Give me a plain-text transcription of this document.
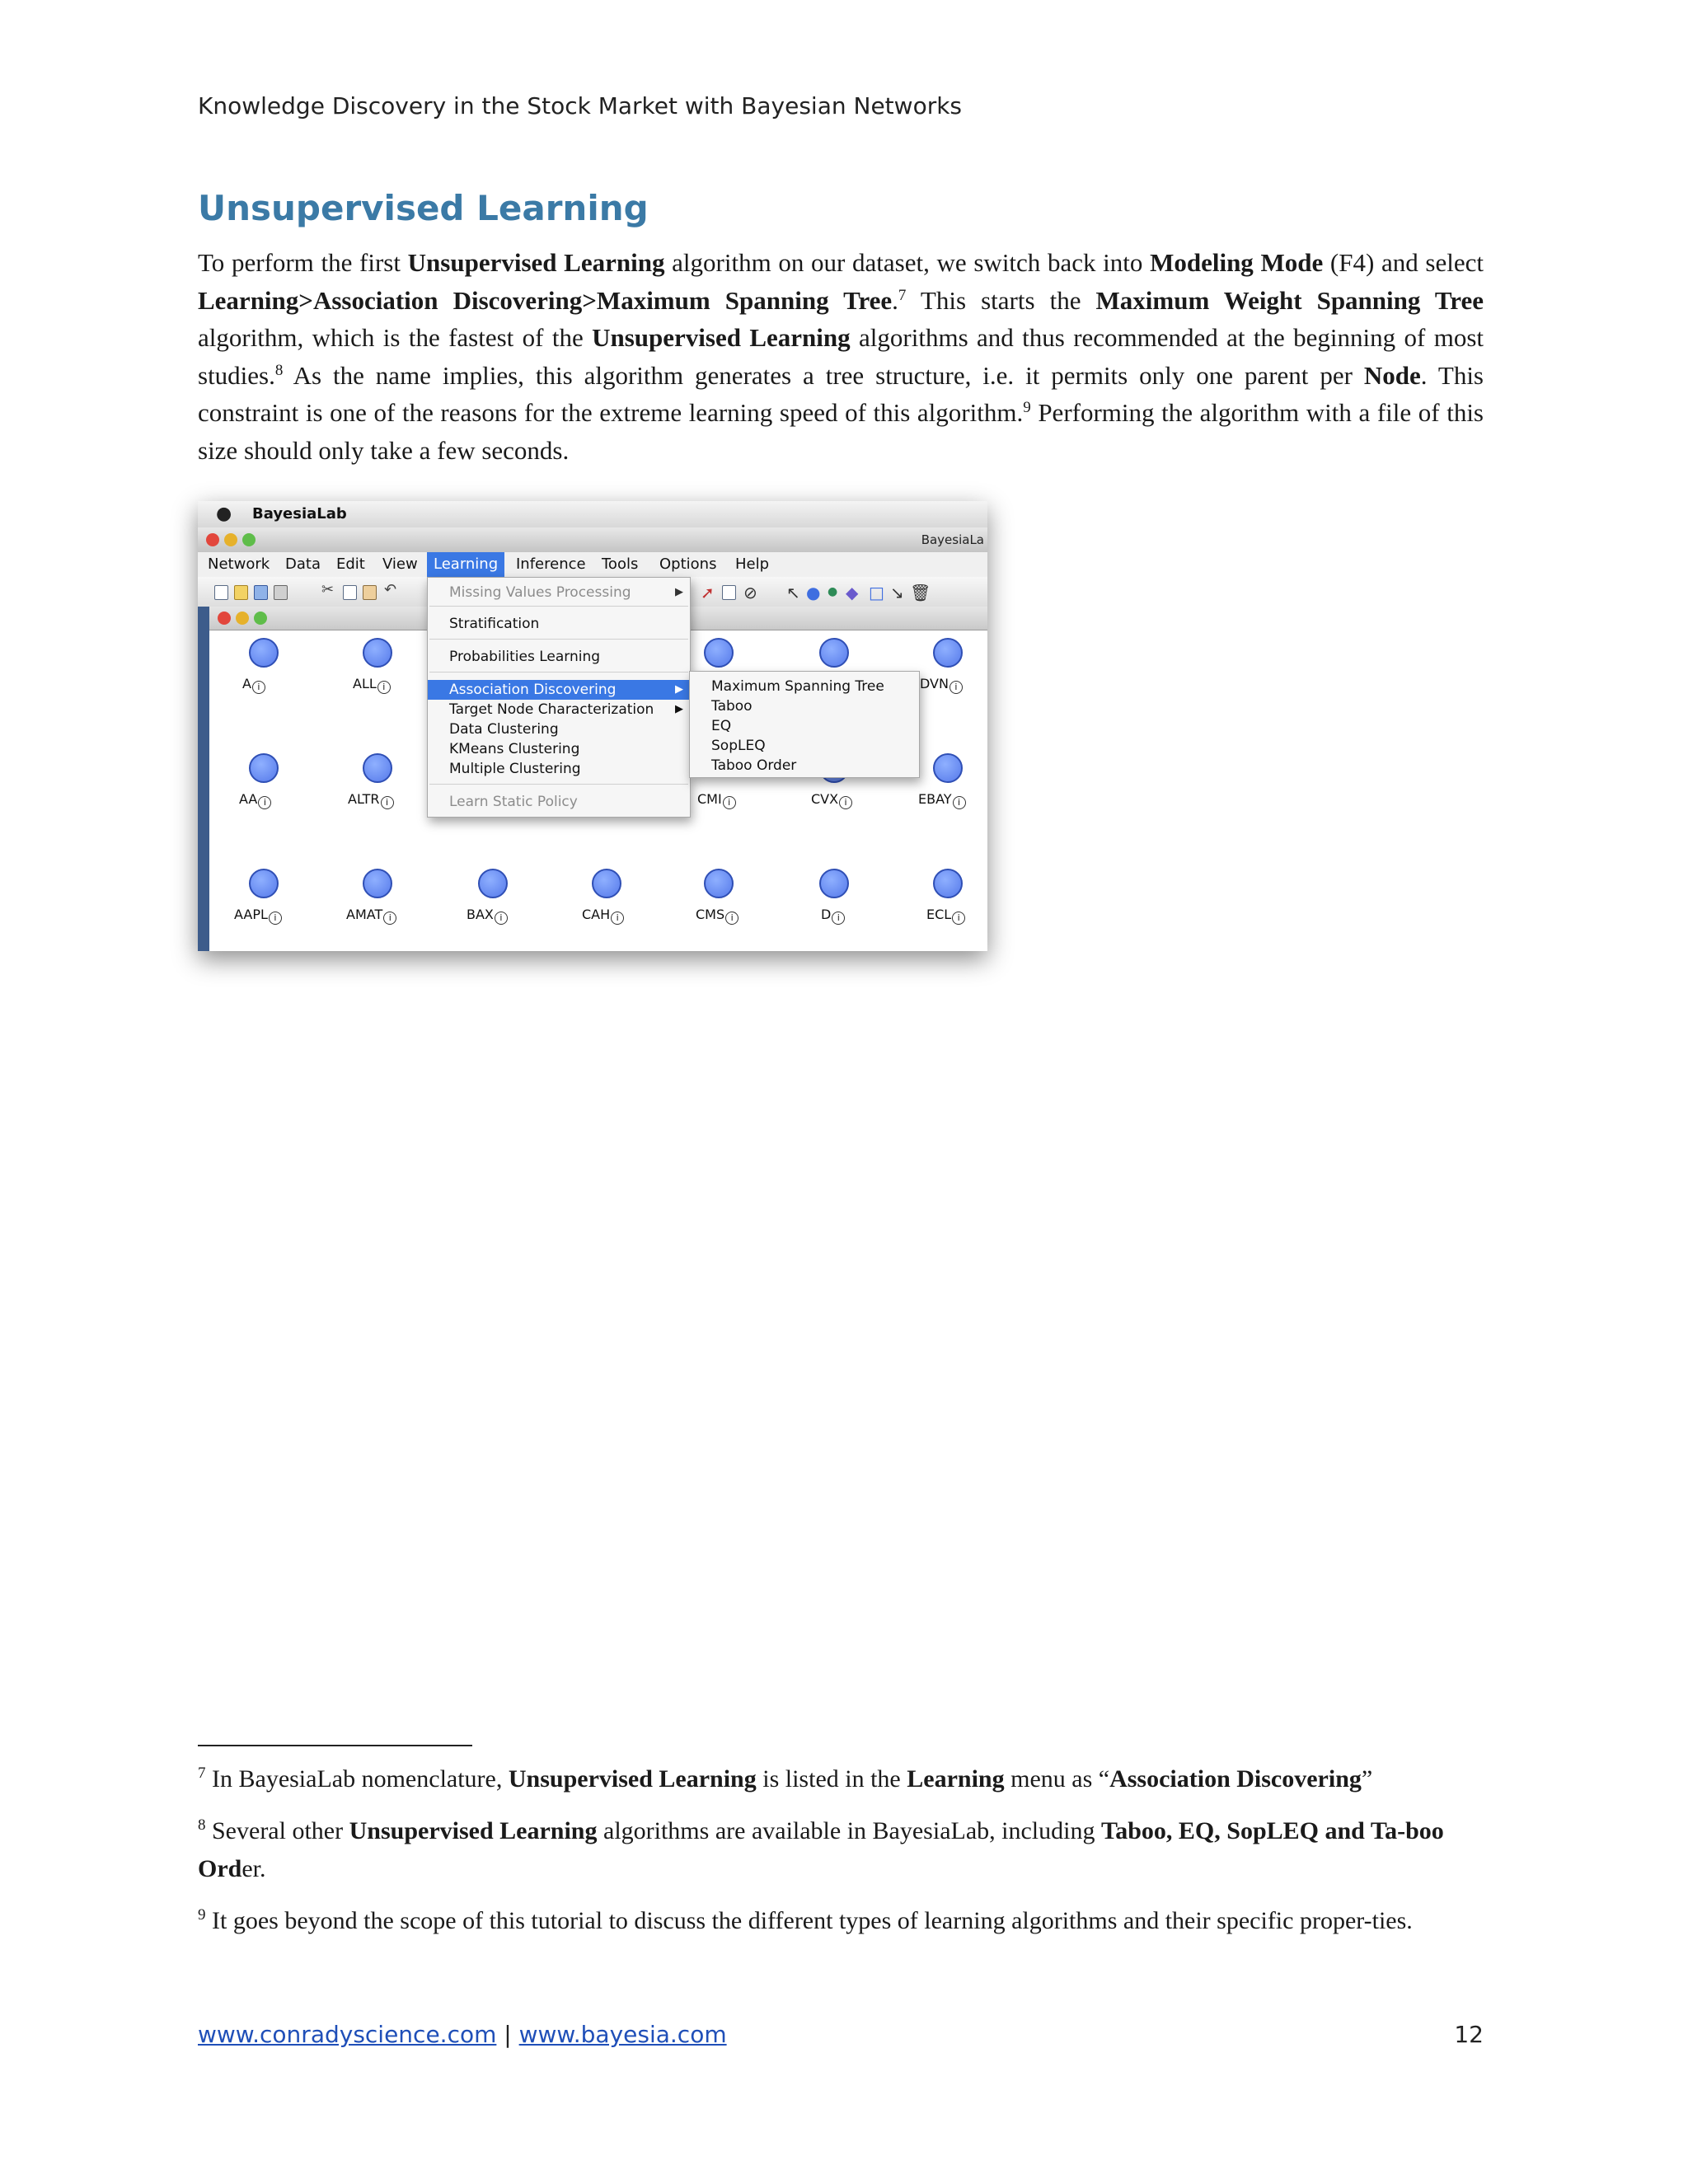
Knowledge Discovery in the Stock Market with Bayesian Networks
Unsupervised Learning

To perform the first Unsupervised Learning algorithm on our dataset, we switch back into Modeling Mode (F4) and select Learning>Association Discovering>Maximum Spanning Tree.$^7$ This starts the Maximum Weight Spanning Tree algorithm, which is the fastest of the Unsupervised Learning algorithms and thus recommended at the beginning of most studies.$^8$ As the name implies, this algorithm generates a tree structure, i.e. it permits only one parent per Node. This constraint is one of the reasons for the extreme learning speed of this algorithm.$^9$ Performing the algorithm with a file of this size should only take a few seconds.

● BayesiaLab
BayesiaLa
Network Data Edit View	Learning	Inference Tools Options Help
✂	↶	➚ ⊘ ↖ ● ● ◆ □ ↘ 🗑
A i	ALL i	DVN i
AA i	ALTR i	CMI i	CVX i	EBAY i
AAPL i	AMAT i	BAX i	CAH i	CMS i	D i	ECL i
Missing Values Processing	▶
Stratification
Probabilities Learning
Association Discovering	▶
Target Node Characterization ▶
Data Clustering
KMeans Clustering
Multiple Clustering
Learn Static Policy
Maximum Spanning Tree
Taboo
EQ
SopLEQ
Taboo Order

$^7$ In BayesiaLab nomenclature, Unsupervised Learning is listed in the Learning menu as “Association Discovering”

$^8$ Several other Unsupervised Learning algorithms are available in BayesiaLab, including Taboo, EQ, SopLEQ and Ta-boo Order.

$^9$ It goes beyond the scope of this tutorial to discuss the different types of learning algorithms and their specific proper-ties.

www.conradyscience.com | www.bayesia.com	12
